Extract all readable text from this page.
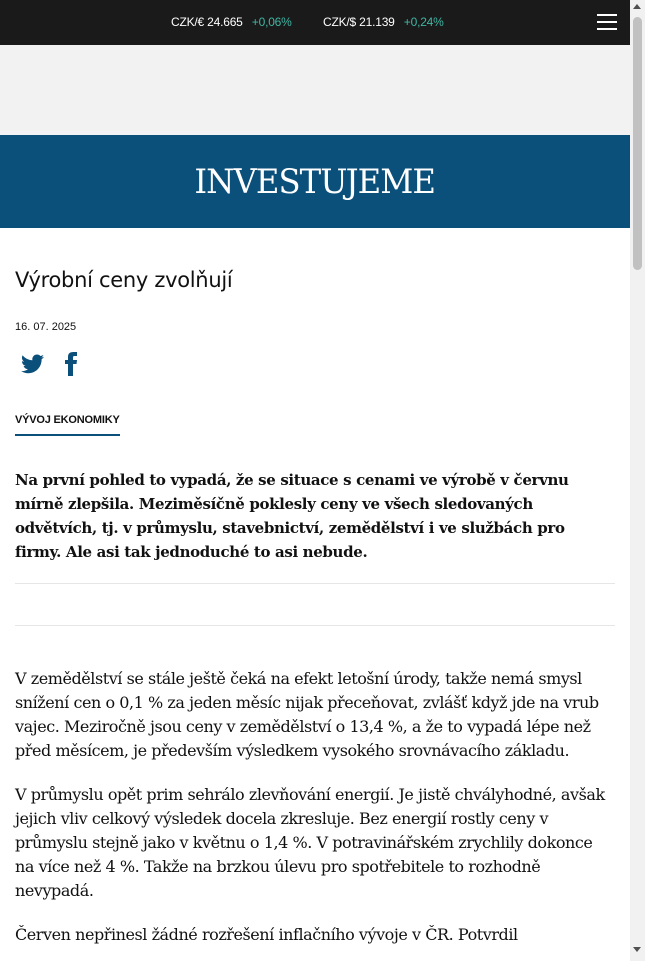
CZK/€ 24.665 +0,06%	CZK/$ 21.139 +0,24%
INVESTUJEME
Výrobní ceny zvolňují
16. 07. 2025
VÝVOJ EKONOMIKY

Na první pohled to vypadá, že se situace s cenami ve výrobě v červnu mírně zlepšila. Meziměsíčně poklesly ceny ve všech sledovaných odvětvích, tj. v průmyslu, stavebnictví, zemědělství i ve službách pro firmy. Ale asi tak jednoduché to asi nebude.

V zemědělství se stále ještě čeká na efekt letošní úrody, takže nemá smysl snížení cen o 0,1 % za jeden měsíc nijak přeceňovat, zvlášť když jde na vrub vajec. Meziročně jsou ceny v zemědělství o 13,4 %, a že to vypadá lépe než před měsícem, je především výsledkem vysokého srovnávacího základu.

V průmyslu opět prim sehrálo zlevňování energií. Je jistě chvályhodné, avšak jejich vliv celkový výsledek docela zkresluje. Bez energií rostly ceny v průmyslu stejně jako v květnu o 1,4 %. V potravinářském zrychlily dokonce na více než 4 %. Takže na brzkou úlevu pro spotřebitele to rozhodně nevypadá.

Červen nepřinesl žádné rozřešení inflačního vývoje v ČR. Potvrdil
